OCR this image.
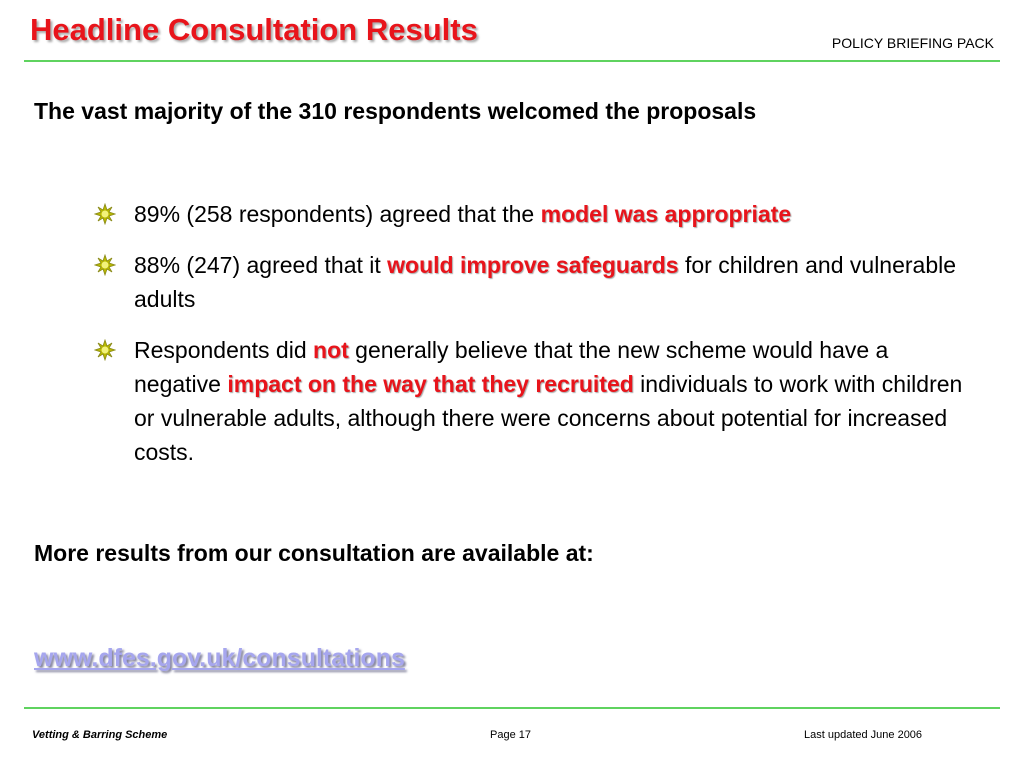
Headline Consultation Results	POLICY BRIEFING PACK

The vast majority of the 310 respondents welcomed the proposals

89% (258 respondents) agreed that the model was appropriate
88% (247) agreed that it would improve safeguards for children and vulnerable adults
Respondents did not generally believe that the new scheme would have a negative impact on the way that they recruited individuals to work with children or vulnerable adults, although there were concerns about potential for increased costs.

More results from our consultation are available at:

www.dfes.gov.uk/consultations
Vetting & Barring Scheme	Page 17	Last updated June 2006
